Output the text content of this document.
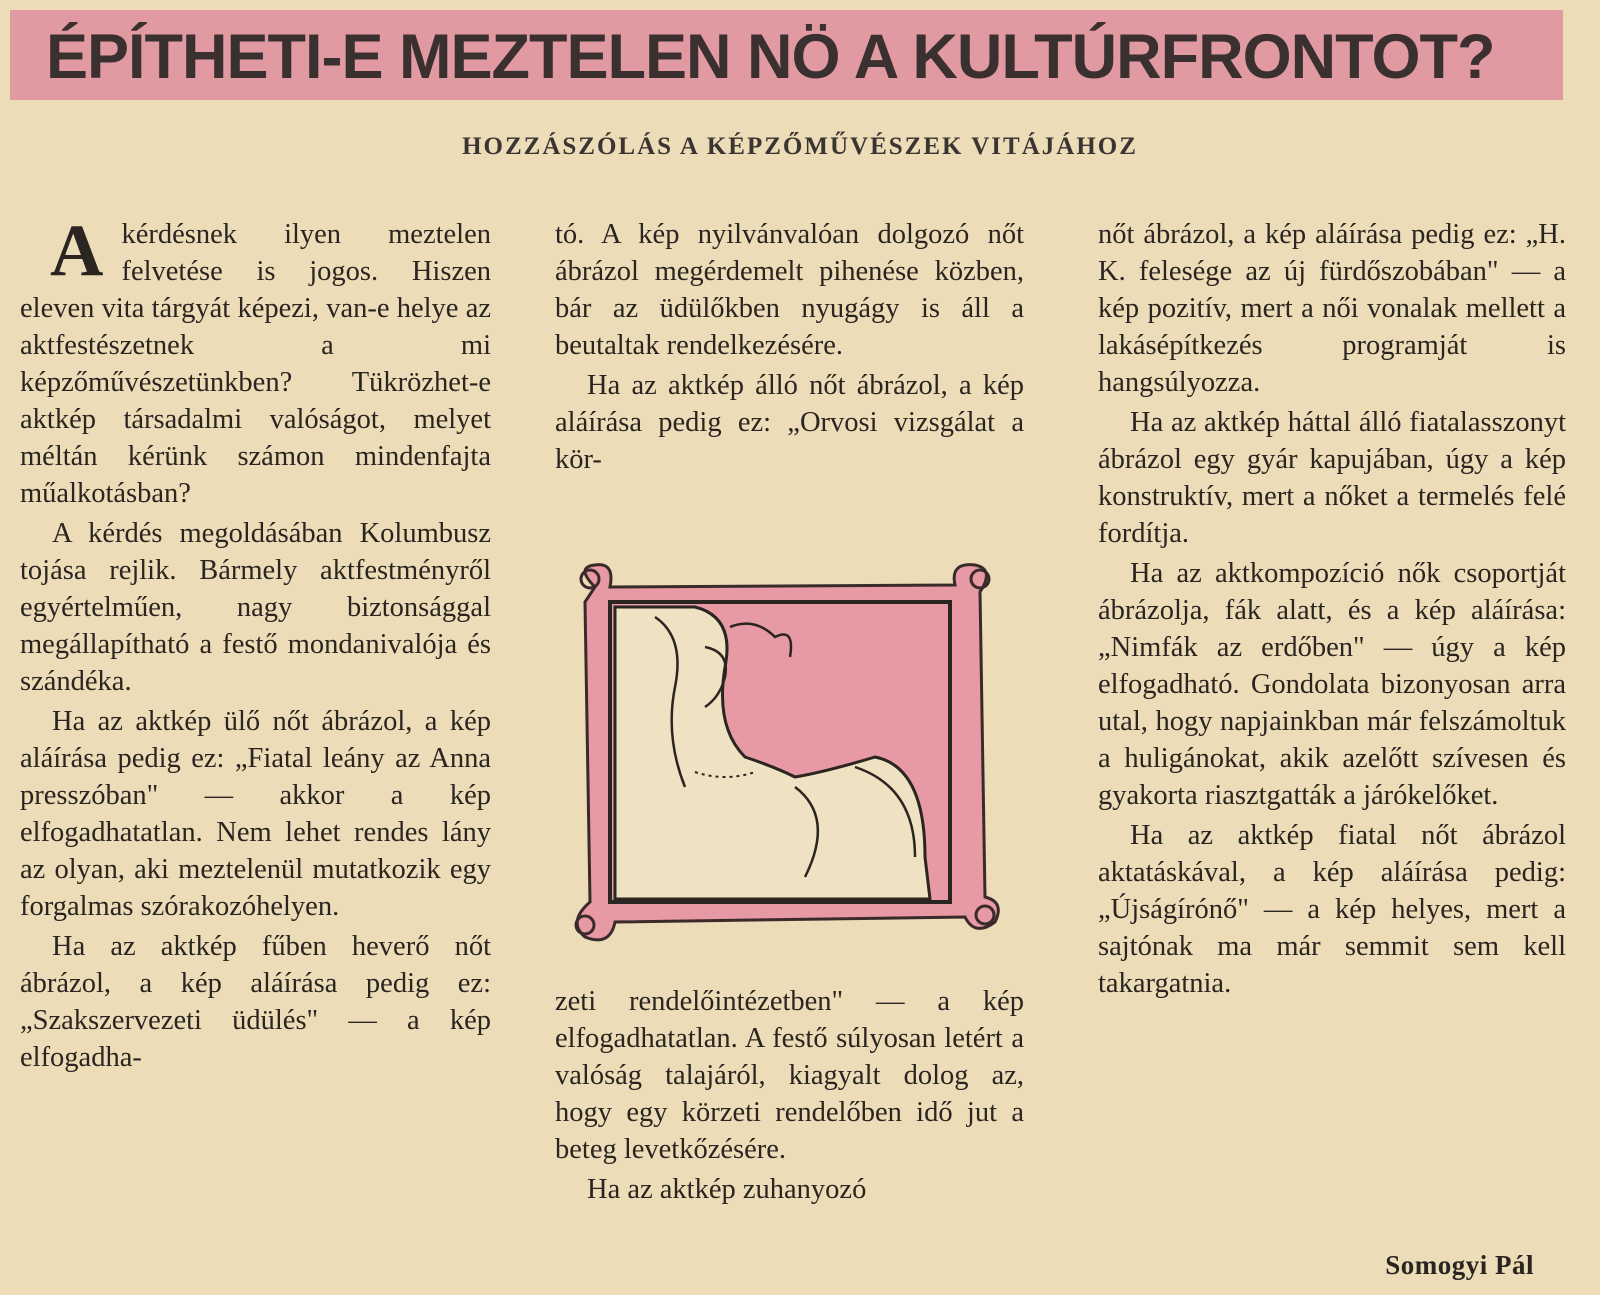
ÉPÍTHETI-E MEZTELEN NÖ A KULTÚRFRONTOT?
HOZZÁSZÓLÁS A KÉPZŐMŰVÉSZEK VITÁJÁHOZ

Akérdésnek ilyen meztelen felvetése is jogos. Hiszen eleven vita tárgyát képezi, van-e helye az aktfestészetnek a mi képzőművészetünkben? Tükrözhet-e aktkép társadalmi valóságot, melyet méltán kérünk számon mindenfajta műalkotásban?

A kérdés megoldásában Kolumbusz tojása rejlik. Bármely aktfestményről egyértelműen, nagy biztonsággal megállapítható a festő mondanivalója és szándéka.

Ha az aktkép ülő nőt ábrázol, a kép aláírása pedig ez: „Fiatal leány az Anna presszóban" — akkor a kép elfogadhatatlan. Nem lehet rendes lány az olyan, aki meztelenül mutatkozik egy forgalmas szórakozóhelyen.

Ha az aktkép fűben heverő nőt ábrázol, a kép aláírása pedig ez: „Szakszervezeti üdülés" — a kép elfogadha-

tó. A kép nyilvánvalóan dolgozó nőt ábrázol megérdemelt pihenése közben, bár az üdülőkben nyugágy is áll a beutaltak rendelkezésére.

Ha az aktkép álló nőt ábrázol, a kép aláírása pedig ez: „Orvosi vizsgálat a kör-

zeti rendelőintézetben" — a kép elfogadhatatlan. A festő súlyosan letért a valóság talajáról, kiagyalt dolog az, hogy egy körzeti rendelőben idő jut a beteg levetkőzésére.

Ha az aktkép zuhanyozó

nőt ábrázol, a kép aláírása pedig ez: „H. K. felesége az új fürdőszobában" — a kép pozitív, mert a női vonalak mellett a lakásépítkezés programját is hangsúlyozza.

Ha az aktkép háttal álló fiatalasszonyt ábrázol egy gyár kapujában, úgy a kép konstruktív, mert a nőket a termelés felé fordítja.

Ha az aktkompozíció nők csoportját ábrázolja, fák alatt, és a kép aláírása: „Nimfák az erdőben" — úgy a kép elfogadható. Gondolata bizonyosan arra utal, hogy napjainkban már felszámoltuk a huligánokat, akik azelőtt szívesen és gyakorta riasztgatták a járókelőket.

Ha az aktkép fiatal nőt ábrázol aktatáskával, a kép aláírása pedig: „Újságírónő" — a kép helyes, mert a sajtónak ma már semmit sem kell takargatnia.

Somogyi Pál
